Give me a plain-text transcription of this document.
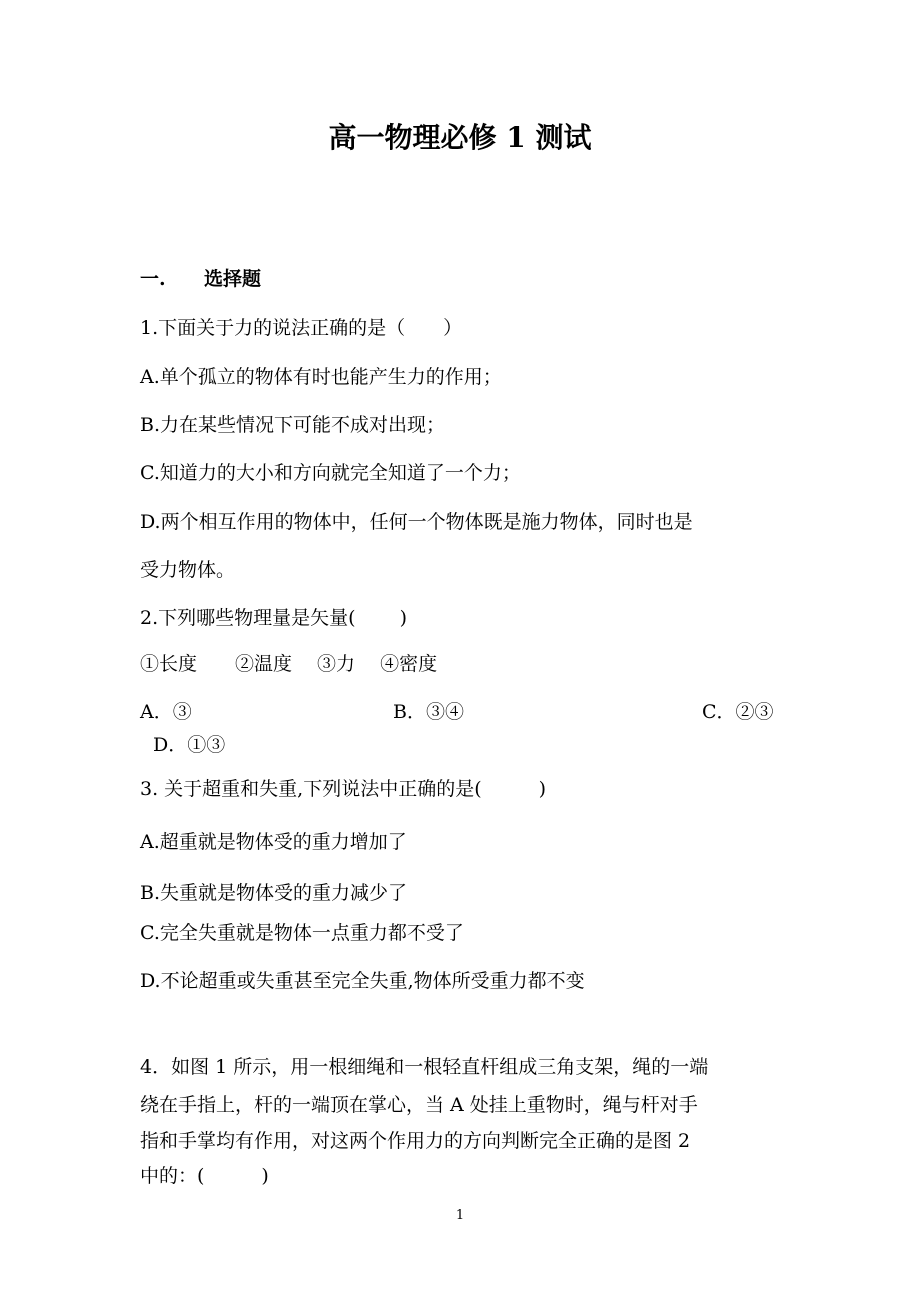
高一物理必修 1 测试
一. 选择题
1.下面关于力的说法正确的是（　　）
A.单个孤立的物体有时也能产生力的作用；
B.力在某些情况下可能不成对出现；
C.知道力的大小和方向就完全知道了一个力；
D.两个相互作用的物体中，任何一个物体既是施力物体，同时也是
受力物体。
2.下列哪些物理量是矢量(　　 )
①长度　　②温度　 ③力　 ④密度
A．③	B．③④	C．②③
D．①③
3. 关于超重和失重,下列说法中正确的是(　　　)
A.超重就是物体受的重力增加了
B.失重就是物体受的重力减少了
C.完全失重就是物体一点重力都不受了
D.不论超重或失重甚至完全失重,物体所受重力都不变
4．如图 1 所示，用一根细绳和一根轻直杆组成三角支架，绳的一端
绕在手指上，杆的一端顶在掌心，当 A 处挂上重物时，绳与杆对手
指和手掌均有作用，对这两个作用力的方向判断完全正确的是图 2
中的：(　　　)
1
